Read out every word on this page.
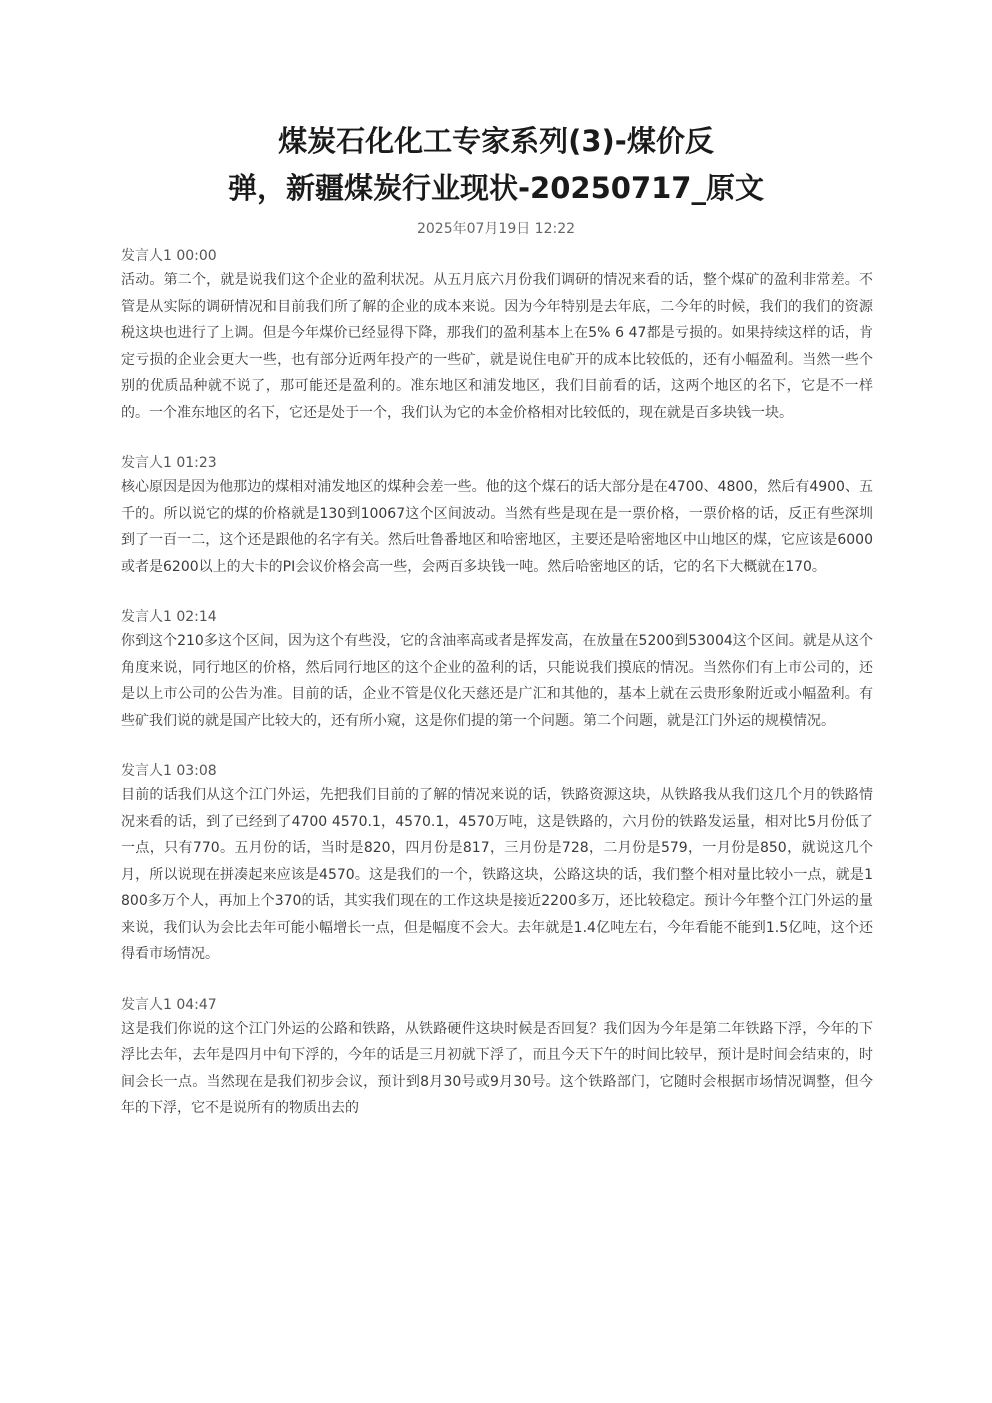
煤炭石化化工专家系列(3)-煤价反
弹，新疆煤炭行业现状-20250717_原文
2025年07月19日 12:22

发言人1 00:00

活动。第二个，就是说我们这个企业的盈利状况。从五月底六月份我们调研的情况来看的话，整个煤矿的盈利非常差。不管是从实际的调研情况和目前我们所了解的企业的成本来说。因为今年特别是去年底，二今年的时候，我们的我们的资源税这块也进行了上调。但是今年煤价已经显得下降，那我们的盈利基本上在5% 6 47都是亏损的。如果持续这样的话，肯定亏损的企业会更大一些，也有部分近两年投产的一些矿，就是说住电矿开的成本比较低的，还有小幅盈利。当然一些个别的优质品种就不说了，那可能还是盈利的。准东地区和浦发地区，我们目前看的话，这两个地区的名下，它是不一样的。一个准东地区的名下，它还是处于一个，我们认为它的本金价格相对比较低的，现在就是百多块钱一块。

发言人1 01:23

核心原因是因为他那边的煤相对浦发地区的煤种会差一些。他的这个煤石的话大部分是在4700、4800，然后有4900、五千的。所以说它的煤的价格就是130到10067这个区间波动。当然有些是现在是一票价格，一票价格的话，反正有些深圳到了一百一二，这个还是跟他的名字有关。然后吐鲁番地区和哈密地区，主要还是哈密地区中山地区的煤，它应该是6000或者是6200以上的大卡的PI会议价格会高一些，会两百多块钱一吨。然后哈密地区的话，它的名下大概就在170。

发言人1 02:14

你到这个210多这个区间，因为这个有些没，它的含油率高或者是挥发高，在放量在5200到53004这个区间。就是从这个角度来说，同行地区的价格，然后同行地区的这个企业的盈利的话，只能说我们摸底的情况。当然你们有上市公司的，还是以上市公司的公告为准。目前的话，企业不管是仪化天慈还是广汇和其他的，基本上就在云贵形象附近或小幅盈利。有些矿我们说的就是国产比较大的，还有所小窥，这是你们提的第一个问题。第二个问题，就是江门外运的规模情况。

发言人1 03:08

目前的话我们从这个江门外运，先把我们目前的了解的情况来说的话，铁路资源这块，从铁路我从我们这几个月的铁路情况来看的话，到了已经到了4700 4570.1，4570.1，4570万吨，这是铁路的，六月份的铁路发运量，相对比5月份低了一点，只有770。五月份的话，当时是820，四月份是817，三月份是728，二月份是579，一月份是850，就说这几个月，所以说现在拼凑起来应该是4570。这是我们的一个，铁路这块，公路这块的话，我们整个相对量比较小一点，就是1800多万个人，再加上个370的话，其实我们现在的工作这块是接近2200多万，还比较稳定。预计今年整个江门外运的量来说，我们认为会比去年可能小幅增长一点，但是幅度不会大。去年就是1.4亿吨左右，今年看能不能到1.5亿吨，这个还得看市场情况。

发言人1 04:47

这是我们你说的这个江门外运的公路和铁路，从铁路硬件这块时候是否回复？我们因为今年是第二年铁路下浮，今年的下浮比去年，去年是四月中旬下浮的，今年的话是三月初就下浮了，而且今天下午的时间比较早，预计是时间会结束的，时间会长一点。当然现在是我们初步会议，预计到8月30号或9月30号。这个铁路部门，它随时会根据市场情况调整，但今年的下浮，它不是说所有的物质出去的
